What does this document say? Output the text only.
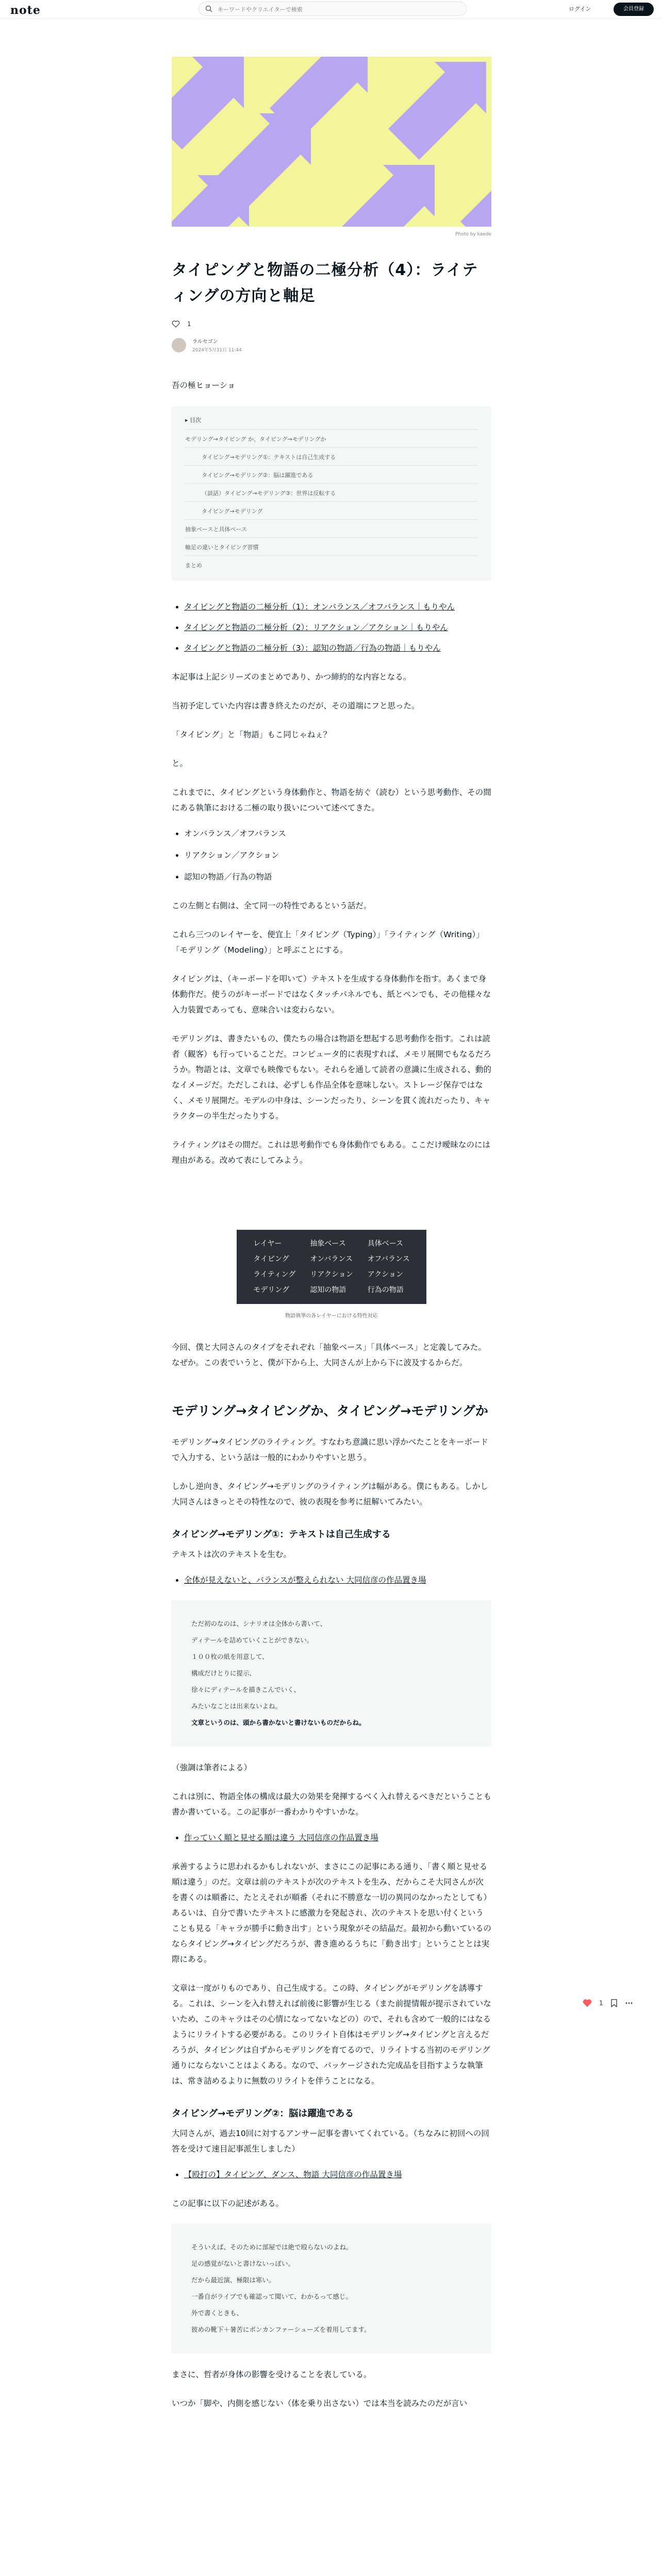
note
キーワードやクリエイターで検索	ログイン	会員登録
Photo by kaede
タイピングと物語の二極分析（4）：ライティングの方向と軸足
1
ラルセゴン
2024年5月31日 11:44

吾の極ヒョーショ

▸ 目次
モデリング→タイピング か、タイピング→モデリングか
タイピング→モデリング①：テキストは自己生成する
タイピング→モデリング②：脳は躍進である
（談話）タイピング→モデリング③：世界は反転する
タイピング→モデリング
抽象ベースと具体ベース
軸足の違いとタイピング習慣
まとめ
• タイピングと物語の二極分析（1）：オンバランス／オフバランス｜もりやん
• タイピングと物語の二極分析（2）：リアクション／アクション｜もりやん
• タイピングと物語の二極分析（3）：認知の物語／行為の物語｜もりやん

本記事は上記シリーズのまとめであり、かつ締約的な内容となる。

当初予定していた内容は書き終えたのだが、その道端にフと思った。

「タイピング」と「物語」もこ同じゃねぇ？

と。

これまでに、タイピングという身体動作と、物語を紡ぐ（読む）という思考動作、その間にある執筆における二極の取り扱いについて述べてきた。

• オンバランス／オフバランス
• リアクション／アクション
• 認知の物語／行為の物語

この左側と右側は、全て同一の特性であるという話だ。

これら三つのレイヤーを、便宜上「タイピング（Typing）」「ライティング（Writing）」「モデリング（Modeling）」と呼ぶことにする。

タイピングは、（キーボードを叩いて）テキストを生成する身体動作を指す。あくまで身体動作だ。使うのがキーボードではなくタッチパネルでも、紙とペンでも、その他様々な入力装置であっても、意味合いは変わらない。

モデリングは、書きたいもの、僕たちの場合は物語を想起する思考動作を指す。これは読者（観客）も行っていることだ。コンピュータ的に表現すれば、メモリ展開でもなるだろうか。物語とは、文章でも映像でもない。それらを通して読者の意識に生成される、動的なイメージだ。ただしこれは、必ずしも作品全体を意味しない。ストレージ保存ではなく、メモリ展開だ。モデルの中身は、シーンだったり、シーンを貫く流れだったり、キャラクターの半生だったりする。

ライティングはその間だ。これは思考動作でも身体動作でもある。ここだけ曖昧なのには理由がある。改めて表にしてみよう。

レイヤー	抽象ベース	具体ベース
タイピング	オンバランス	オフバランス
ライティング	リアクション	アクション
モデリング	認知の物語	行為の物語
物語執筆の各レイヤーにおける特性対応

今回、僕と大同さんのタイプをそれぞれ「抽象ベース」「具体ベース」と定義してみた。なぜか。この表でいうと、僕が下から上、大同さんが上から下に波及するからだ。

モデリング→タイピングか、タイピング→モデリングか

モデリング→タイピングのライティング。すなわち意識に思い浮かべたことをキーボードで入力する、という話は一般的にわかりやすいと思う。

しかし逆向き、タイピング→モデリングのライティングは幅がある。僕にもある。しかし大同さんはきっとその特性なので、彼の表現を参考に紐解いてみたい。

タイピング→モデリング①：テキストは自己生成する

テキストは次のテキストを生む。

• 全体が見えないと、バランスが整えられない 大同信彦の作品置き場
ただ初のなのは、シナリオは全体から書いて、
ディテールを詰めていくことができない。
１００枚の紙を用意して、
構成だけとりに提示、
徐々にディテールを描きこんでいく、
みたいなことは出来ないよね。
文章というのは、頭から書かないと書けないものだからね。

（強調は筆者による）

これは別に、物語全体の構成は最大の効果を発揮するべく入れ替えるべきだということも書か書いている。この記事が一番わかりやすいかな。

• 作っていく順と見せる順は違う 大同信彦の作品置き場

承善するように思われるかもしれないが、まさにこの記事にある通り、「書く順と見せる順は違う」のだ。文章は前のテキストが次のテキストを生み、だからこそ大同さんが次を書くのは順番に、たとえそれが順番（それに不勝意な一切の異同のなかったとしても）あるいは、自分で書いたテキストに感激力を発起され、次のテキストを思い付くということも見る「キャラが勝手に動き出す」という現象がその結晶だ。最初から動いているのならタイピング→タイピングだろうが、書き進めるうちに「動き出す」ということとは実際にある。

文章は一度がりものであり、自己生成する。この時、タイピングがモデリングを誘導する。これは、シーンを入れ替えれば前後に影響が生じる（また前提情報が提示されていないため、このキャラはその心情になってないなどの）ので、それも含めて一般的にはなるようにリライトする必要がある。このリライト自体はモデリング→タイピングと言えるだろうが、タイピングは自ずからモデリングを育てるので、リライトする当初のモデリング通りにならないことはよくある。なので、パッケージされた完成品を目指すような執筆は、常き詰めるよりに無数のリライトを伴うことになる。

タイピング→モデリング②：脳は躍進である

大同さんが、過去10回に対するアンサー記事を書いてくれている。（ちなみに初回への回答を受けて速目記事派生しました）

• 【殴打の】タイピング、ダンス、物語 大同信彦の作品置き場

この記事に以下の記述がある。

そういえば、そのために部屋では絶で殴らないのよね。
足の感覚がないと書けないっぽい。
だから最近演、極限は寒い。
一番自がライブでも確認って聞いて、わかるって感じ。
外で書くときも、
彼めの靴下＋暑苦にボンカンファーシューズを着用してます。

まさに、哲者が身体の影響を受けることを表している。

いつか「脚や、内側を感じない（体を乗り出さない）では本当を読みたのだが言い

1
